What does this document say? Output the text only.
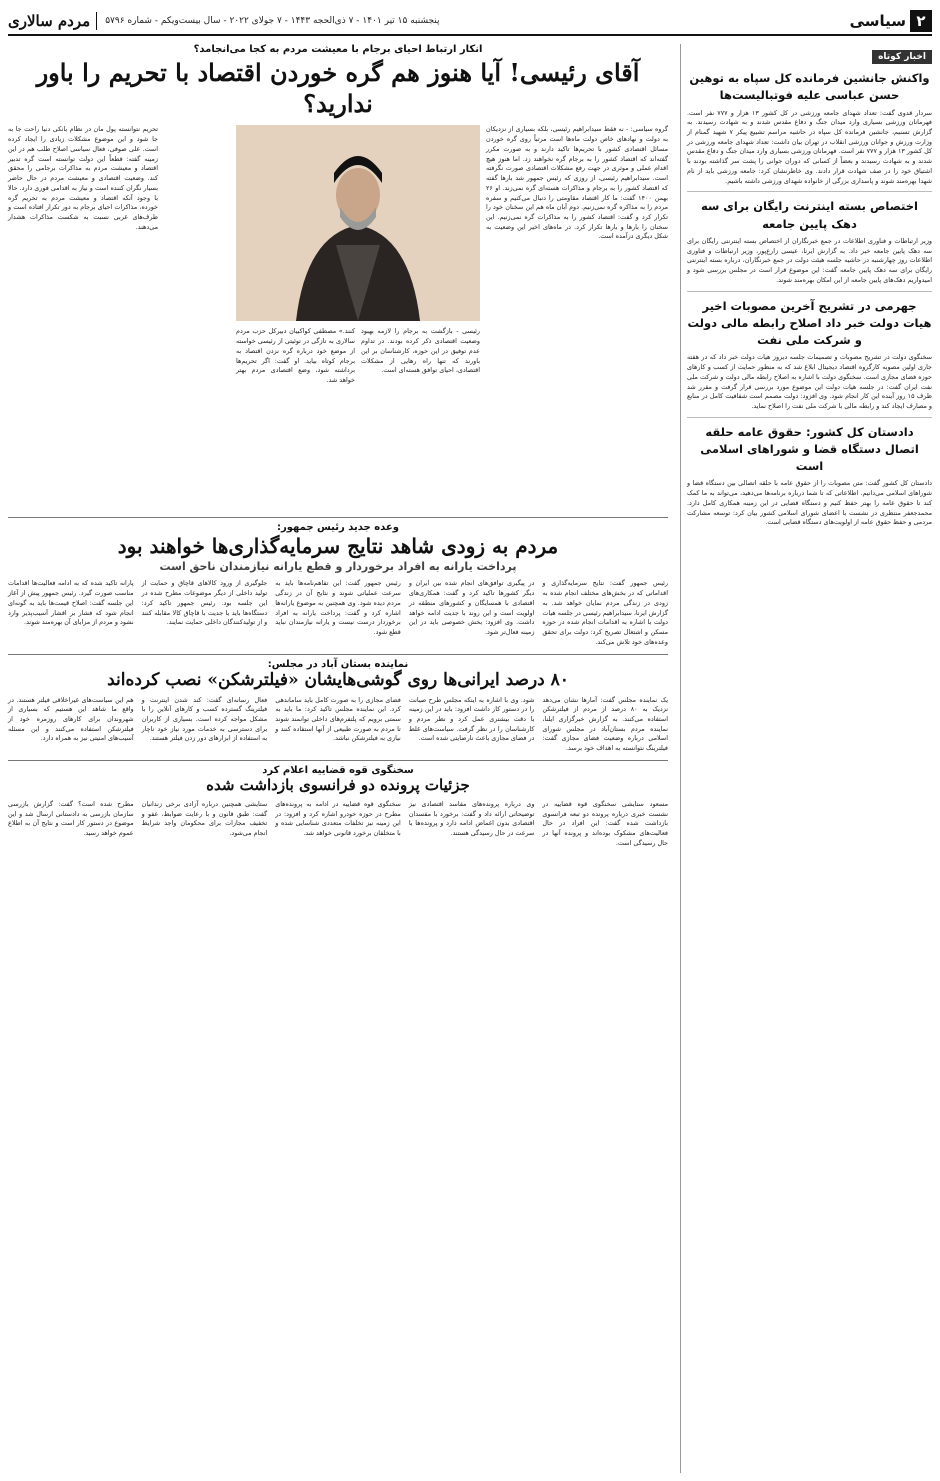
۲
سیاسی
پنجشنبه ۱۵ تیر ۱۴۰۱ - ۷ ذی‌الحجه ۱۴۴۳ - ۷ جولای ۲۰۲۲ - سال بیست‌ویکم - شماره ۵۷۹۶
مردم سالاری
اخبار کوتاه
واکنش جانشین فرمانده کل سپاه به توهین حسن عباسی علیه فوتبالیست‌ها

سردار قدوی گفت: تعداد شهدای جامعه ورزشی در کل کشور ۱۳ هزار و ۷۷۷ نفر است. فهرمانان ورزشی بسیاری وارد میدان جنگ و دفاع مقدس شدند و به شهادت رسیدند. به گزارش تسنیم، جانشین فرمانده کل سپاه در حاشیه مراسم تشییع پیکر ۷ شهید گمنام از وزارت ورزش و جوانان ورزشی انقلاب در تهران بیان داشت: تعداد شهدای جامعه ورزشی در کل کشور ۱۳ هزار و ۷۷۷ نفر است. فهرمانان ورزشی بسیاری وارد میدان جنگ و دفاع مقدس شدند و به شهادت رسیدند و بعضاً از کسانی که دوران جوانی را پشت سر گذاشته بودند با اشتیاق خود را در صف شهادت قرار دادند. وی خاطرنشان کرد: جامعه ورزشی باید از نام شهدا بهره‌مند شوند و پاسداری بزرگی از خانواده شهدای ورزشی داشته باشیم.

اختصاص بسته اینترنت رایگان برای سه دهک پایین جامعه

وزیر ارتباطات و فناوری اطلاعات در جمع خبرنگاران از اختصاص بسته اینترنتی رایگان برای سه دهک پایین جامعه خبر داد. به گزارش ایرنا، عیسی زارع‌پور، وزیر ارتباطات و فناوری اطلاعات روز چهارشنبه در حاشیه جلسه هیئت دولت در جمع خبرنگاران، درباره بسته اینترنتی رایگان برای سه دهک پایین جامعه گفت: این موضوع قرار است در مجلس بررسی شود و امیدواریم دهک‌های پایین جامعه از این امکان بهره‌مند شوند.

جهرمی در تشریح آخرین مصوبات اخیر هیات دولت خبر داد اصلاح رابطه مالی دولت و شرکت ملی نفت

سخنگوی دولت در تشریح مصوبات و تصمیمات جلسه دیروز هیات دولت خبر داد که در هفته جاری اولین مصوبه کارگروه اقتصاد دیجیتال ابلاغ شد که به منظور حمایت از کسب و کارهای حوزه فضای مجازی است. سخنگوی دولت با اشاره به اصلاح رابطه مالی دولت و شرکت ملی نفت ایران گفت: در جلسه هیات دولت این موضوع مورد بررسی قرار گرفت و مقرر شد ظرف ۱۵ روز آینده این کار انجام شود. وی افزود: دولت مصمم است شفافیت کامل در منابع و مصارف ایجاد کند و رابطه مالی با شرکت ملی نفت را اصلاح نماید.

دادستان کل کشور: حقوق عامه حلقه اتصال دستگاه قضا و شوراهای اسلامی است

دادستان کل کشور گفت: متن مصوبات را از حقوق عامه با حلقه اتصالی بین دستگاه قضا و شوراهای اسلامی می‌دانیم. اطلاعاتی که تا شما درباره برنامه‌ها می‌دهید، می‌تواند به ما کمک کند تا حقوق عامه را بهتر حفظ کنیم و دستگاه قضایی در این زمینه همکاری کامل دارد. محمدجعفر منتظری در نشست با اعضای شورای اسلامی کشور بیان کرد: توسعه مشارکت مردمی و حفظ حقوق عامه از اولویت‌های دستگاه قضایی است.

انکار ارتباط احیای برجام با معیشت مردم به کجا می‌انجامد؟
آقای رئیسی! آیا هنوز هم گره خوردن اقتصاد با تحریم را باور ندارید؟

گروه سیاسی: - نه فقط سیدابراهیم رئیسی، بلکه بسیاری از نزدیکان به دولت و نهادهای خاص دولت ماه‌ها است مرتباً روی گره خوردن مسائل اقتصادی کشور با تحریم‌ها تاکید دارند و به صورت مکرر گفته‌اند که اقتصاد کشور را به برجام گره نخواهند زد. اما هنوز هیچ اقدام عملی و موثری در جهت رفع مشکلات اقتصادی صورت نگرفته است. سیدابراهیم رئیسی، از روزی که رئیس جمهور شد بارها گفته که اقتصاد کشور را به برجام و مذاکرات هسته‌ای گره نمی‌زند. او ۲۶ بهمن ۱۴۰۰ گفت: ما کار اقتصاد مقاومتی را دنبال می‌کنیم و سفره مردم را به مذاکره گره نمی‌زنیم. دوم آبان ماه هم این سخنان خود را تکرار کرد و گفت: اقتصاد کشور را به مذاکرات گره نمی‌زنیم. این سخنان را بارها و بارها تکرار کرد. در ماه‌های اخیر این وضعیت به شکل دیگری درآمده است.

رئیسی - بازگشت به برجام را لازمه بهبود وضعیت اقتصادی ذکر کرده بودند. در تداوم عدم توفیق در این حوزه، کارشناسان بر این باورند که تنها راه رهایی از مشکلات اقتصادی، احیای توافق هسته‌ای است.

کنند.» مصطفی کواکبیان دبیرکل حزب مردم سالاری به تازگی در توئیتی از رئیسی خواسته از موضع خود درباره گره نزدن اقتصاد به برجام کوتاه بیاید. او گفت: اگر تحریم‌ها برداشته شود، وضع اقتصادی مردم بهتر خواهد شد.

تحریم نتوانسته پول مان در نظام بانکی دنیا راحت جا به جا شود و این موضوع مشکلات زیادی را ایجاد کرده است. علی صوفی، فعال سیاسی اصلاح طلب هم در این زمینه گفته: قطعاً این دولت توانسته است گره تدبیر اقتصاد و معیشت مردم به مذاکرات برجامی را محقق کند. وضعیت اقتصادی و معیشت مردم در حال حاضر بسیار نگران کننده است و نیاز به اقدامی فوری دارد. حالا با وجود آنکه اقتصاد و معیشت مردم به تحریم گره خورده، مذاکرات احیای برجام به دور تکرار افتاده است و طرف‌های غربی نسبت به شکست مذاکرات هشدار می‌دهند.

وعده جدید رئیس جمهور:
مردم به زودی شاهد نتایج سرمایه‌گذاری‌ها خواهند بود
پرداخت یارانه به افراد برخوردار و قطع یارانه نیازمندان ناحق است

رئیس جمهور گفت: نتایج سرمایه‌گذاری و اقداماتی که در بخش‌های مختلف انجام شده به زودی در زندگی مردم نمایان خواهد شد. به گزارش ایرنا، سیدابراهیم رئیسی در جلسه هیات دولت با اشاره به اقدامات انجام شده در حوزه مسکن و اشتغال تصریح کرد: دولت برای تحقق وعده‌های خود تلاش می‌کند.

در پیگیری توافق‌های انجام شده بین ایران و دیگر کشورها تاکید کرد و گفت: همکاری‌های اقتصادی با همسایگان و کشورهای منطقه در اولویت است و این روند با جدیت ادامه خواهد داشت. وی افزود: بخش خصوصی باید در این زمینه فعال‌تر شود.

رئیس جمهور گفت: این تفاهم‌نامه‌ها باید به سرعت عملیاتی شوند و نتایج آن در زندگی مردم دیده شود. وی همچنین به موضوع یارانه‌ها اشاره کرد و گفت: پرداخت یارانه به افراد برخوردار درست نیست و یارانه نیازمندان نباید قطع شود.

جلوگیری از ورود کالاهای قاچاق و حمایت از تولید داخلی از دیگر موضوعات مطرح شده در این جلسه بود. رئیس جمهور تاکید کرد: دستگاه‌ها باید با جدیت با قاچاق کالا مقابله کنند و از تولیدکنندگان داخلی حمایت نمایند.

پارانه تاکید شده که به ادامه فعالیت‌ها اقدامات مناسب صورت گیرد. رئیس جمهور پیش از آغاز این جلسه گفت: اصلاح قیمت‌ها باید به گونه‌ای انجام شود که فشار بر اقشار آسیب‌پذیر وارد نشود و مردم از مزایای آن بهره‌مند شوند.

نماینده بستان آباد در مجلس:
۸۰ درصد ایرانی‌ها روی گوشی‌هایشان «فیلترشکن» نصب کرده‌اند

یک نماینده مجلس گفت: آمارها نشان می‌دهد نزدیک به ۸۰ درصد از مردم از فیلترشکن استفاده می‌کنند. به گزارش خبرگزاری ایلنا، نماینده مردم بستان‌آباد در مجلس شورای اسلامی درباره وضعیت فضای مجازی گفت: فیلترینگ نتوانسته به اهداف خود برسد.

شود. وی با اشاره به اینکه مجلس طرح صیانت را در دستور کار داشت افزود: باید در این زمینه با دقت بیشتری عمل کرد و نظر مردم و کارشناسان را در نظر گرفت. سیاست‌های غلط در فضای مجازی باعث نارضایتی شده است.

فضای مجازی را به صورت کامل باید ساماندهی کرد. این نماینده مجلس تاکید کرد: ما باید به سمتی برویم که پلتفرم‌های داخلی توانمند شوند تا مردم به صورت طبیعی از آنها استفاده کنند و نیازی به فیلترشکن نباشد.

فعال رسانه‌ای گفت: کند شدن اینترنت و فیلترینگ گسترده کسب و کارهای آنلاین را با مشکل مواجه کرده است. بسیاری از کاربران برای دسترسی به خدمات مورد نیاز خود ناچار به استفاده از ابزارهای دور زدن فیلتر هستند.

هم این سیاست‌های غیراخلاقی فیلتر هستند. در واقع ما شاهد این هستیم که بسیاری از شهروندان برای کارهای روزمره خود از فیلترشکن استفاده می‌کنند و این مسئله آسیب‌های امنیتی نیز به همراه دارد.

سخنگوی قوه قضاییه اعلام کرد
جزئیات پرونده دو فرانسوی بازداشت شده

مسعود ستایشی سخنگوی قوه قضاییه در نشست خبری درباره پرونده دو تبعه فرانسوی بازداشت شده گفت: این افراد در حال فعالیت‌های مشکوک بوده‌اند و پرونده آنها در حال رسیدگی است.

وی درباره پرونده‌های مفاسد اقتصادی نیز توضیحاتی ارائه داد و گفت: برخورد با مفسدان اقتصادی بدون اغماض ادامه دارد و پرونده‌ها با سرعت در حال رسیدگی هستند.

سخنگوی قوه قضاییه در ادامه به پرونده‌های مطرح در حوزه خودرو اشاره کرد و افزود: در این زمینه نیز تخلفات متعددی شناسایی شده و با متخلفان برخورد قانونی خواهد شد.

ستایشی همچنین درباره آزادی برخی زندانیان گفت: طبق قانون و با رعایت ضوابط، عفو و تخفیف مجازات برای محکومان واجد شرایط انجام می‌شود.

مطرح شده است؟ گفت: گزارش بازرسی سازمان بازرسی به دادستانی ارسال شد و این موضوع در دستور کار است و نتایج آن به اطلاع عموم خواهد رسید.
